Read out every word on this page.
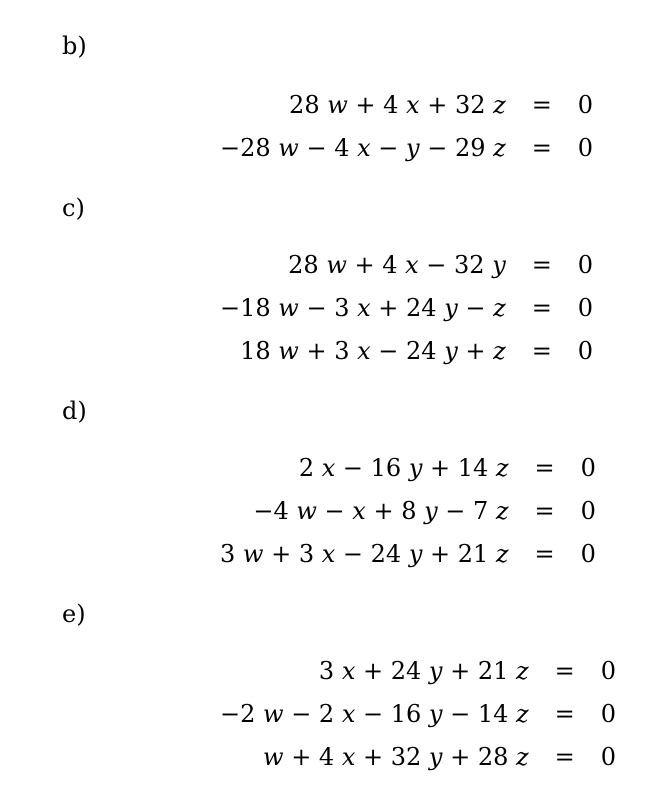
b)
28 w + 4 x + 32 z	=	0
−28 w − 4 x − y − 29 z	=	0
c)
28 w + 4 x − 32 y	=	0
−18 w − 3 x + 24 y − z	=	0
18 w + 3 x − 24 y + z	=	0
d)
2 x − 16 y + 14 z	=	0
−4 w − x + 8 y − 7 z	=	0
3 w + 3 x − 24 y + 21 z	=	0
e)
3 x + 24 y + 21 z	=	0
−2 w − 2 x − 16 y − 14 z	=	0
w + 4 x + 32 y + 28 z	=	0
